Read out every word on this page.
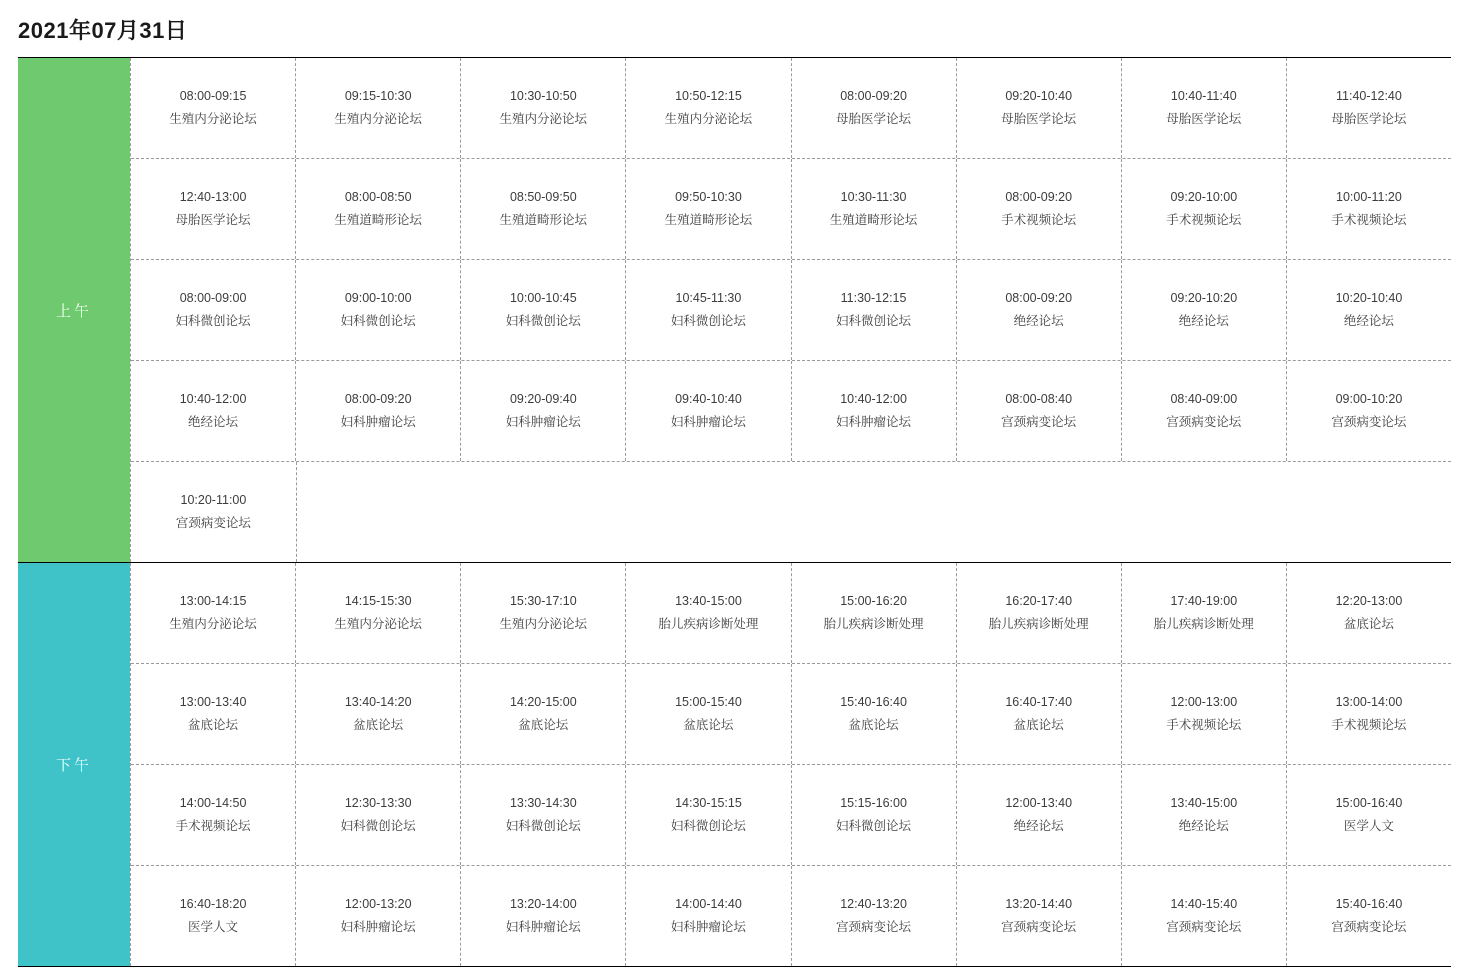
2021年07月31日
上午
08:00-09:15
生殖内分泌论坛
09:15-10:30
生殖内分泌论坛
10:30-10:50
生殖内分泌论坛
10:50-12:15
生殖内分泌论坛
08:00-09:20
母胎医学论坛
09:20-10:40
母胎医学论坛
10:40-11:40
母胎医学论坛
11:40-12:40
母胎医学论坛
12:40-13:00
母胎医学论坛
08:00-08:50
生殖道畸形论坛
08:50-09:50
生殖道畸形论坛
09:50-10:30
生殖道畸形论坛
10:30-11:30
生殖道畸形论坛
08:00-09:20
手术视频论坛
09:20-10:00
手术视频论坛
10:00-11:20
手术视频论坛
08:00-09:00
妇科微创论坛
09:00-10:00
妇科微创论坛
10:00-10:45
妇科微创论坛
10:45-11:30
妇科微创论坛
11:30-12:15
妇科微创论坛
08:00-09:20
绝经论坛
09:20-10:20
绝经论坛
10:20-10:40
绝经论坛
10:40-12:00
绝经论坛
08:00-09:20
妇科肿瘤论坛
09:20-09:40
妇科肿瘤论坛
09:40-10:40
妇科肿瘤论坛
10:40-12:00
妇科肿瘤论坛
08:00-08:40
宫颈病变论坛
08:40-09:00
宫颈病变论坛
09:00-10:20
宫颈病变论坛
10:20-11:00
宫颈病变论坛
下午
13:00-14:15
生殖内分泌论坛
14:15-15:30
生殖内分泌论坛
15:30-17:10
生殖内分泌论坛
13:40-15:00
胎儿疾病诊断处理
15:00-16:20
胎儿疾病诊断处理
16:20-17:40
胎儿疾病诊断处理
17:40-19:00
胎儿疾病诊断处理
12:20-13:00
盆底论坛
13:00-13:40
盆底论坛
13:40-14:20
盆底论坛
14:20-15:00
盆底论坛
15:00-15:40
盆底论坛
15:40-16:40
盆底论坛
16:40-17:40
盆底论坛
12:00-13:00
手术视频论坛
13:00-14:00
手术视频论坛
14:00-14:50
手术视频论坛
12:30-13:30
妇科微创论坛
13:30-14:30
妇科微创论坛
14:30-15:15
妇科微创论坛
15:15-16:00
妇科微创论坛
12:00-13:40
绝经论坛
13:40-15:00
绝经论坛
15:00-16:40
医学人文
16:40-18:20
医学人文
12:00-13:20
妇科肿瘤论坛
13:20-14:00
妇科肿瘤论坛
14:00-14:40
妇科肿瘤论坛
12:40-13:20
宫颈病变论坛
13:20-14:40
宫颈病变论坛
14:40-15:40
宫颈病变论坛
15:40-16:40
宫颈病变论坛
